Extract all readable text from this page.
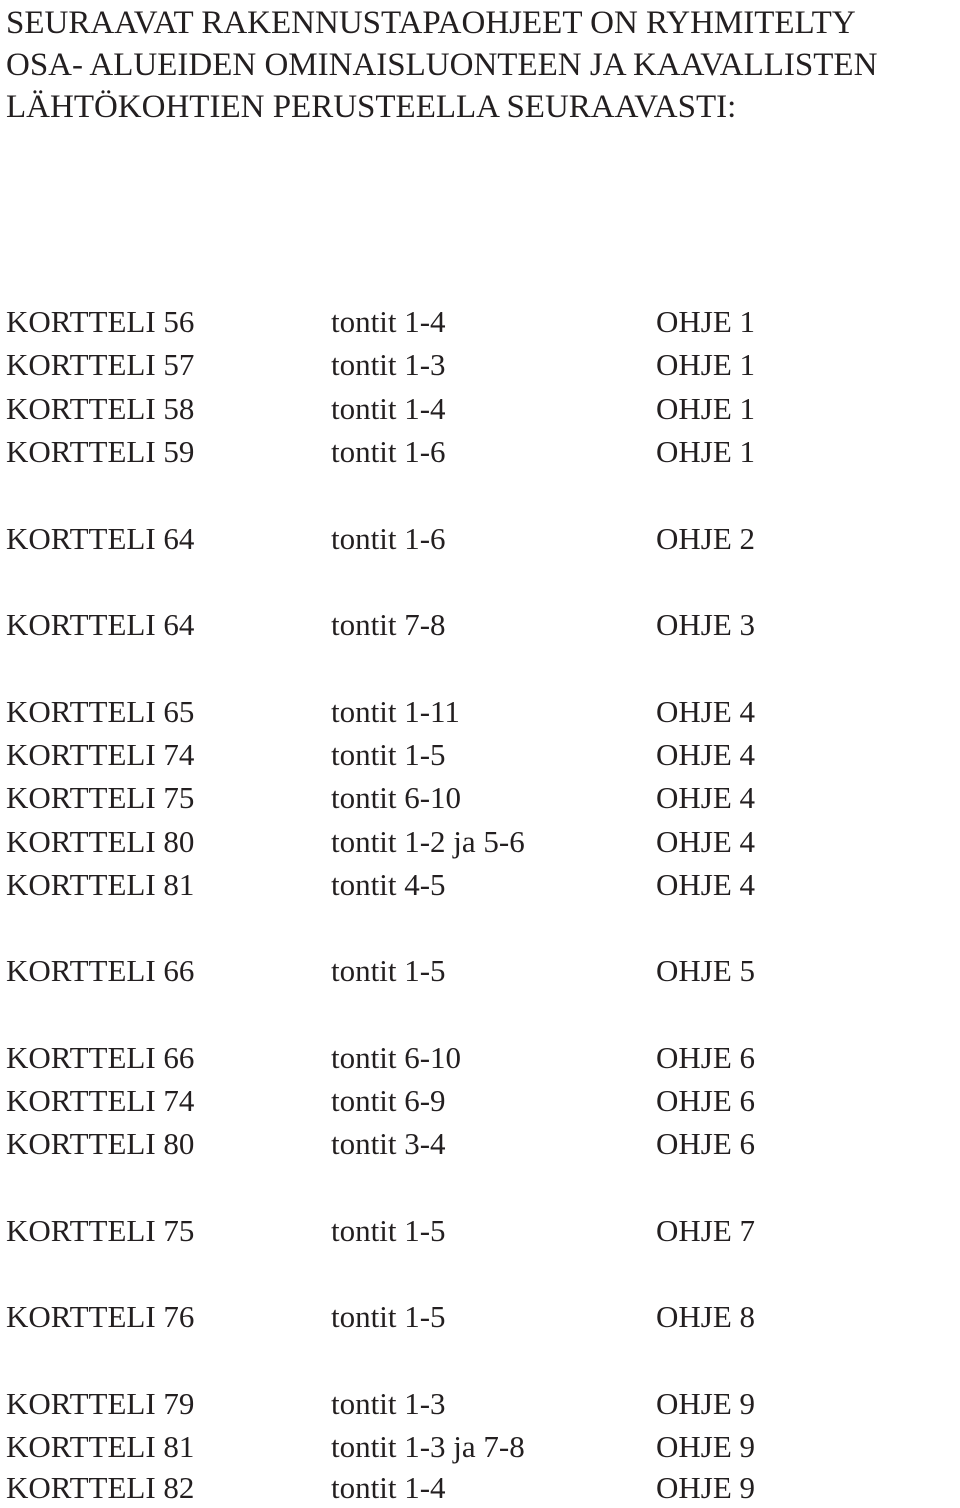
SEURAAVAT RAKENNUSTAPAOHJEET ON RYHMITELTY
OSA- ALUEIDEN OMINAISLUONTEEN JA KAAVALLISTEN
LÄHTÖKOHTIEN PERUSTEELLA SEURAAVASTI:
KORTTELI 56	tontit 1-4	OHJE 1
KORTTELI 57	tontit 1-3	OHJE 1
KORTTELI 58	tontit 1-4	OHJE 1
KORTTELI 59	tontit 1-6	OHJE 1
KORTTELI 64	tontit 1-6	OHJE 2
KORTTELI 64	tontit 7-8	OHJE 3
KORTTELI 65	tontit 1-11	OHJE 4
KORTTELI 74	tontit 1-5	OHJE 4
KORTTELI 75	tontit 6-10	OHJE 4
KORTTELI 80	tontit 1-2 ja 5-6	OHJE 4
KORTTELI 81	tontit 4-5	OHJE 4
KORTTELI 66	tontit 1-5	OHJE 5
KORTTELI 66	tontit 6-10	OHJE 6
KORTTELI 74	tontit 6-9	OHJE 6
KORTTELI 80	tontit 3-4	OHJE 6
KORTTELI 75	tontit 1-5	OHJE 7
KORTTELI 76	tontit 1-5	OHJE 8
KORTTELI 79	tontit 1-3	OHJE 9
KORTTELI 81	tontit 1-3 ja 7-8	OHJE 9
KORTTELI 82	tontit 1-4	OHJE 9
